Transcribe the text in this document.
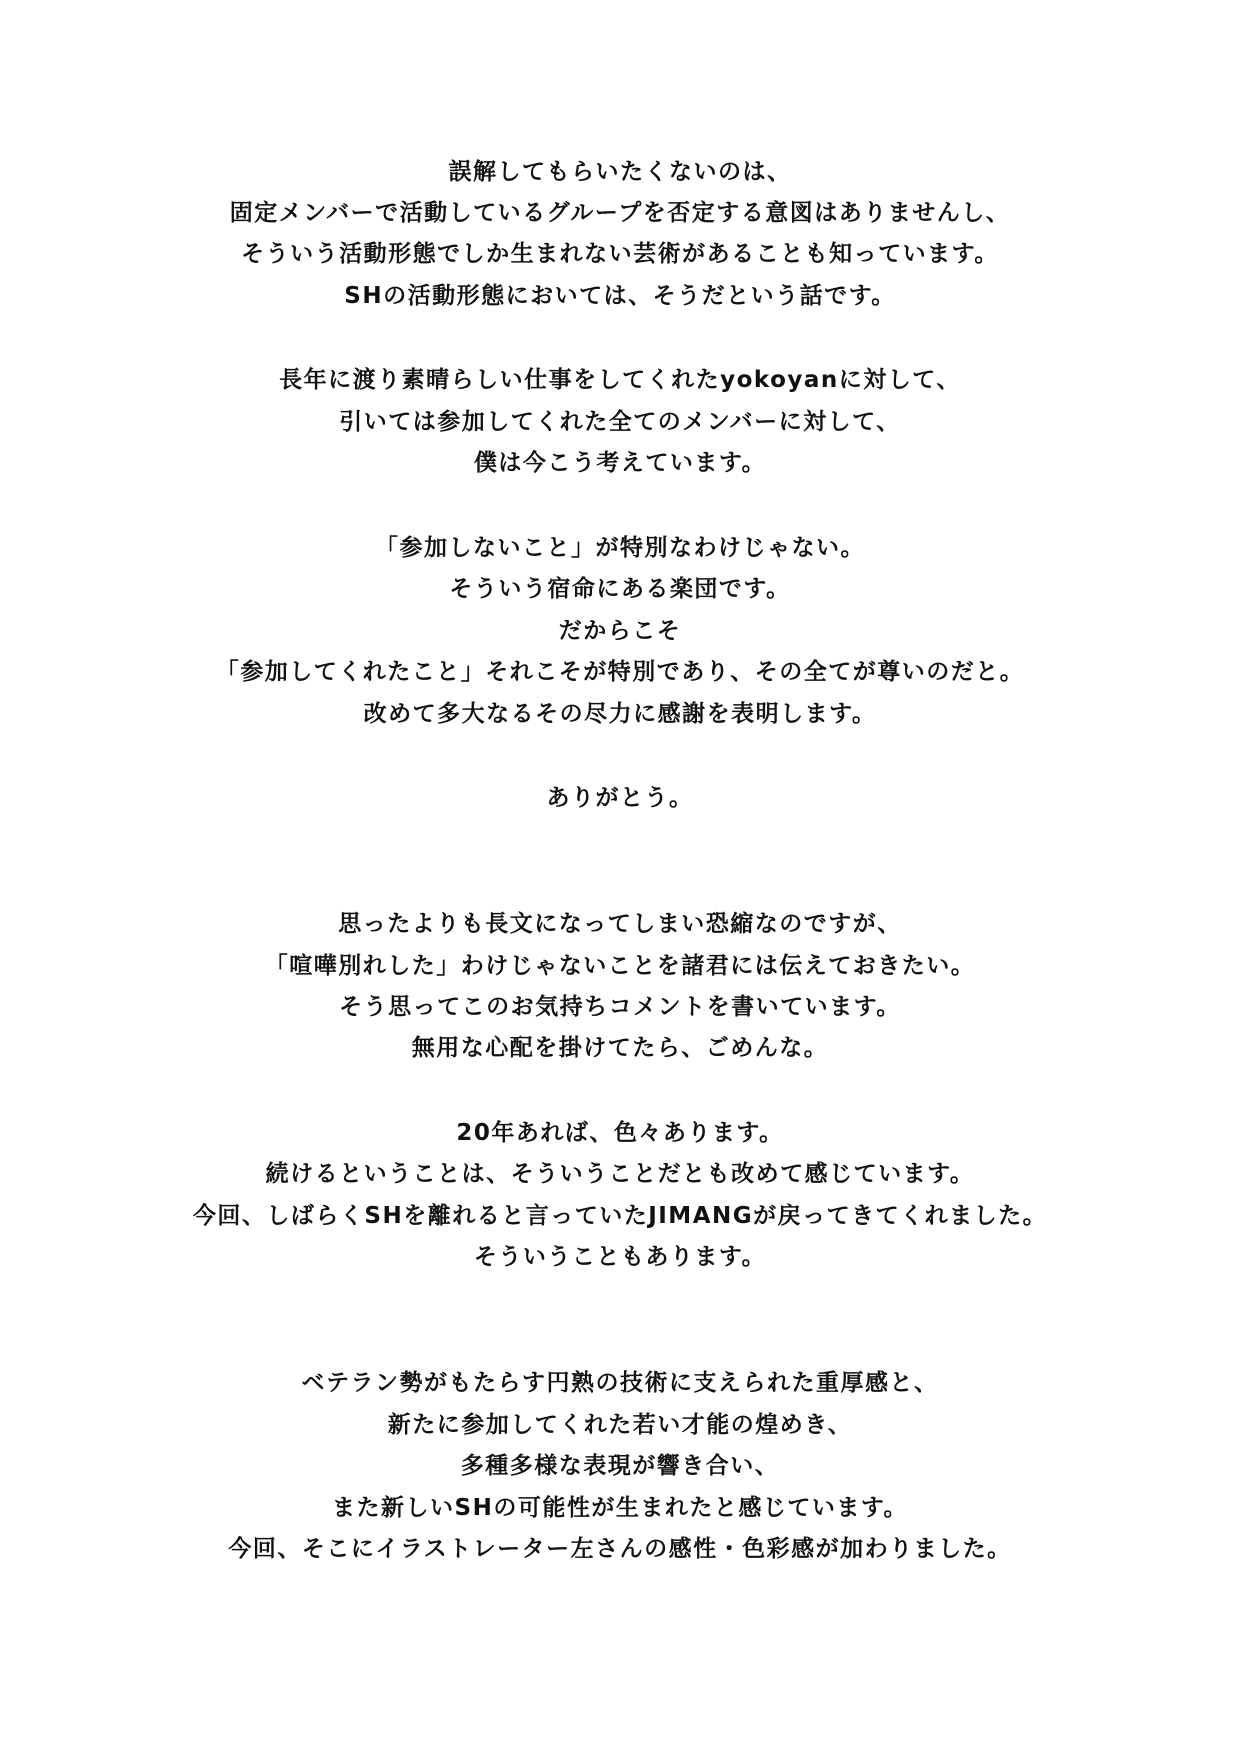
誤解してもらいたくないのは、
固定メンバーで活動しているグループを否定する意図はありませんし、
そういう活動形態でしか生まれない芸術があることも知っています。
SHの活動形態においては、そうだという話です。
長年に渡り素晴らしい仕事をしてくれたyokoyanに対して、
引いては参加してくれた全てのメンバーに対して、
僕は今こう考えています。
「参加しないこと」が特別なわけじゃない。
そういう宿命にある楽団です。
だからこそ
「参加してくれたこと」それこそが特別であり、その全てが尊いのだと。
改めて多大なるその尽力に感謝を表明します。
ありがとう。
思ったよりも長文になってしまい恐縮なのですが、
「喧嘩別れした」わけじゃないことを諸君には伝えておきたい。
そう思ってこのお気持ちコメントを書いています。
無用な心配を掛けてたら、ごめんな。
20年あれば、色々あります。
続けるということは、そういうことだとも改めて感じています。
今回、しばらくSHを離れると言っていたJIMANGが戻ってきてくれました。
そういうこともあります。
ベテラン勢がもたらす円熟の技術に支えられた重厚感と、
新たに参加してくれた若い才能の煌めき、
多種多様な表現が響き合い、
また新しいSHの可能性が生まれたと感じています。
今回、そこにイラストレーター左さんの感性・色彩感が加わりました。
